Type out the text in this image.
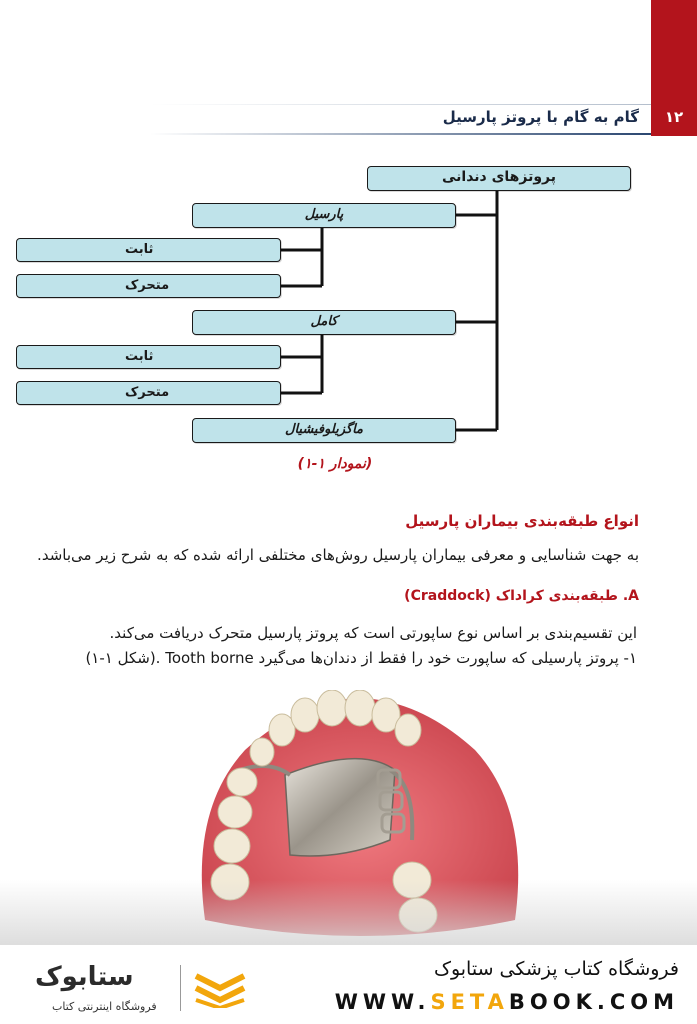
۱۲
گام به گام با پروتز پارسیل
پروتزهای دندانی
پارسیل
ثابت
متحرک
کامل
ثابت
متحرک
ماگزیلوفیشیال
(نمودار ۱-۱)
انواع طبقه‌بندی بیماران پارسیل
به جهت شناسایی و معرفی بیماران پارسیل روش‌های مختلفی ارائه شده که به شرح زیر می‌باشد.
A. طبقه‌بندی کراداک (Craddock)
این تقسیم‌بندی بر اساس نوع ساپورتی است که پروتز پارسیل متحرک دریافت می‌کند.
۱- پروتز پارسیلی که ساپورت خود را فقط از دندان‌ها می‌گیرد Tooth borne .(شکل ۱-۱)
ستابوک
فروشگاه اینترنتی کتاب
فروشگاه کتاب پزشکی ستابوک
WWW.SETABOOK.COM
